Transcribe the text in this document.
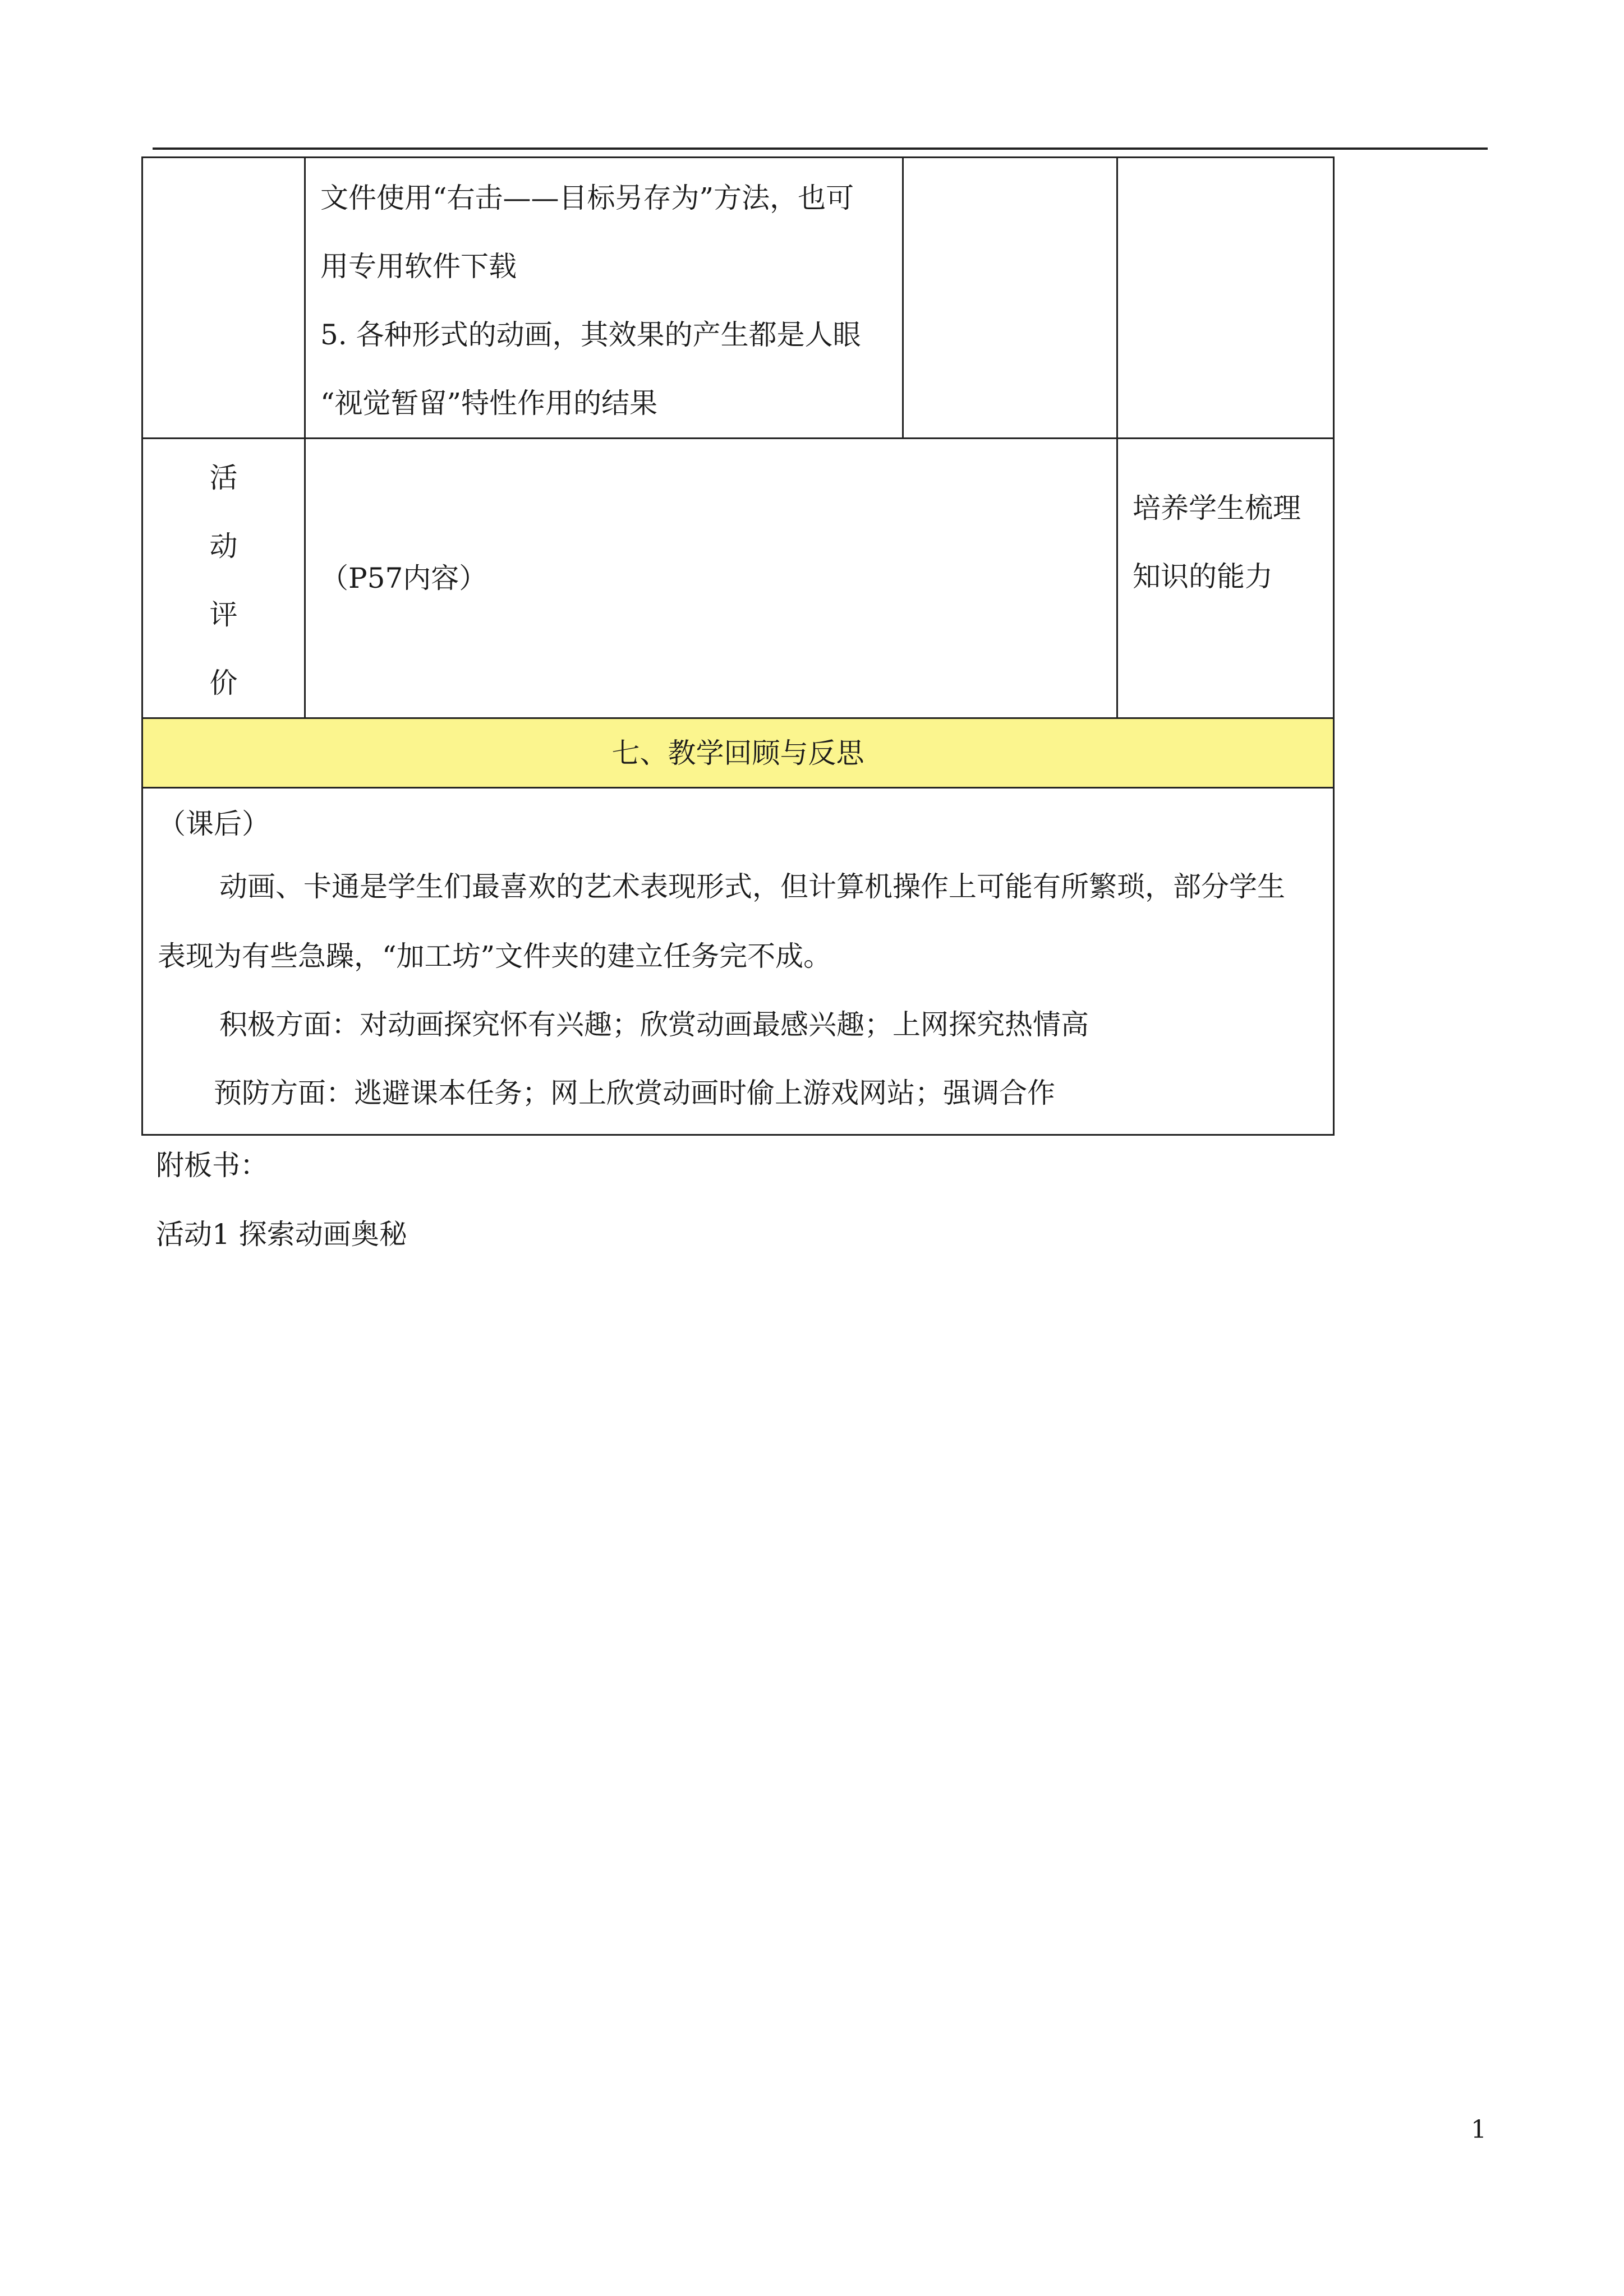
	文件使用“右击——目标另存为”方法，也可
用专用软件下载
5. 各种形式的动画，其效果的产生都是人眼
“视觉暂留”特性作用的结果		

活
动
评
价	（P57内容）		培养学生梳理
知识的能力

七、教学回顾与反思			

（课后）
动画、卡通是学生们最喜欢的艺术表现形式，但计算机操作上可能有所繁琐，部分学生
表现为有些急躁，“加工坊”文件夹的建立任务完不成。
积极方面：对动画探究怀有兴趣；欣赏动画最感兴趣；上网探究热情高
预防方面：逃避课本任务；网上欣赏动画时偷上游戏网站；强调合作			
附板书：
活动1 探索动画奥秘
1
